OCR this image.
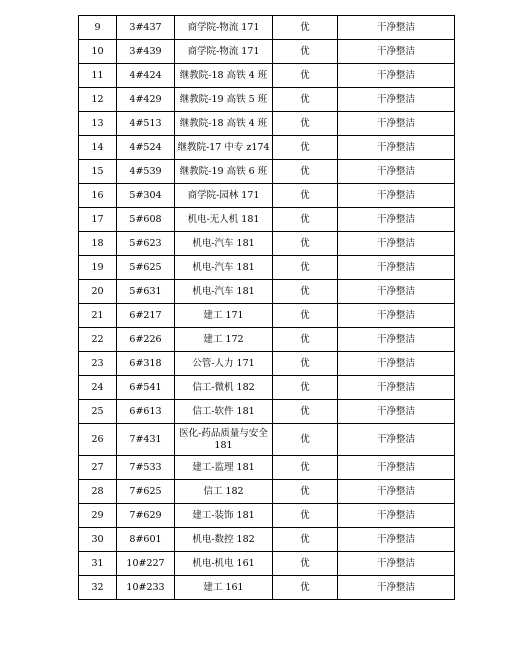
9	3#437	商学院-物流 171	优	干净整洁
10	3#439	商学院-物流 171	优	干净整洁
11	4#424	继教院-18 高铁 4 班	优	干净整洁
12	4#429	继教院-19 高铁 5 班	优	干净整洁
13	4#513	继教院-18 高铁 4 班	优	干净整洁
14	4#524	继教院-17 中专 z174	优	干净整洁
15	4#539	继教院-19 高铁 6 班	优	干净整洁
16	5#304	商学院-园林 171	优	干净整洁
17	5#608	机电-无人机 181	优	干净整洁
18	5#623	机电-汽车 181	优	干净整洁
19	5#625	机电-汽车 181	优	干净整洁
20	5#631	机电-汽车 181	优	干净整洁
21	6#217	建工 171	优	干净整洁
22	6#226	建工 172	优	干净整洁
23	6#318	公管-人力 171	优	干净整洁
24	6#541	信工-微机 182	优	干净整洁
25	6#613	信工-软件 181	优	干净整洁
26	7#431	医化-药品质量与安全 181	优	干净整洁
27	7#533	建工-监理 181	优	干净整洁
28	7#625	信工 182	优	干净整洁
29	7#629	建工-装饰 181	优	干净整洁
30	8#601	机电-数控 182	优	干净整洁
31	10#227	机电-机电 161	优	干净整洁
32	10#233	建工 161	优	干净整洁
